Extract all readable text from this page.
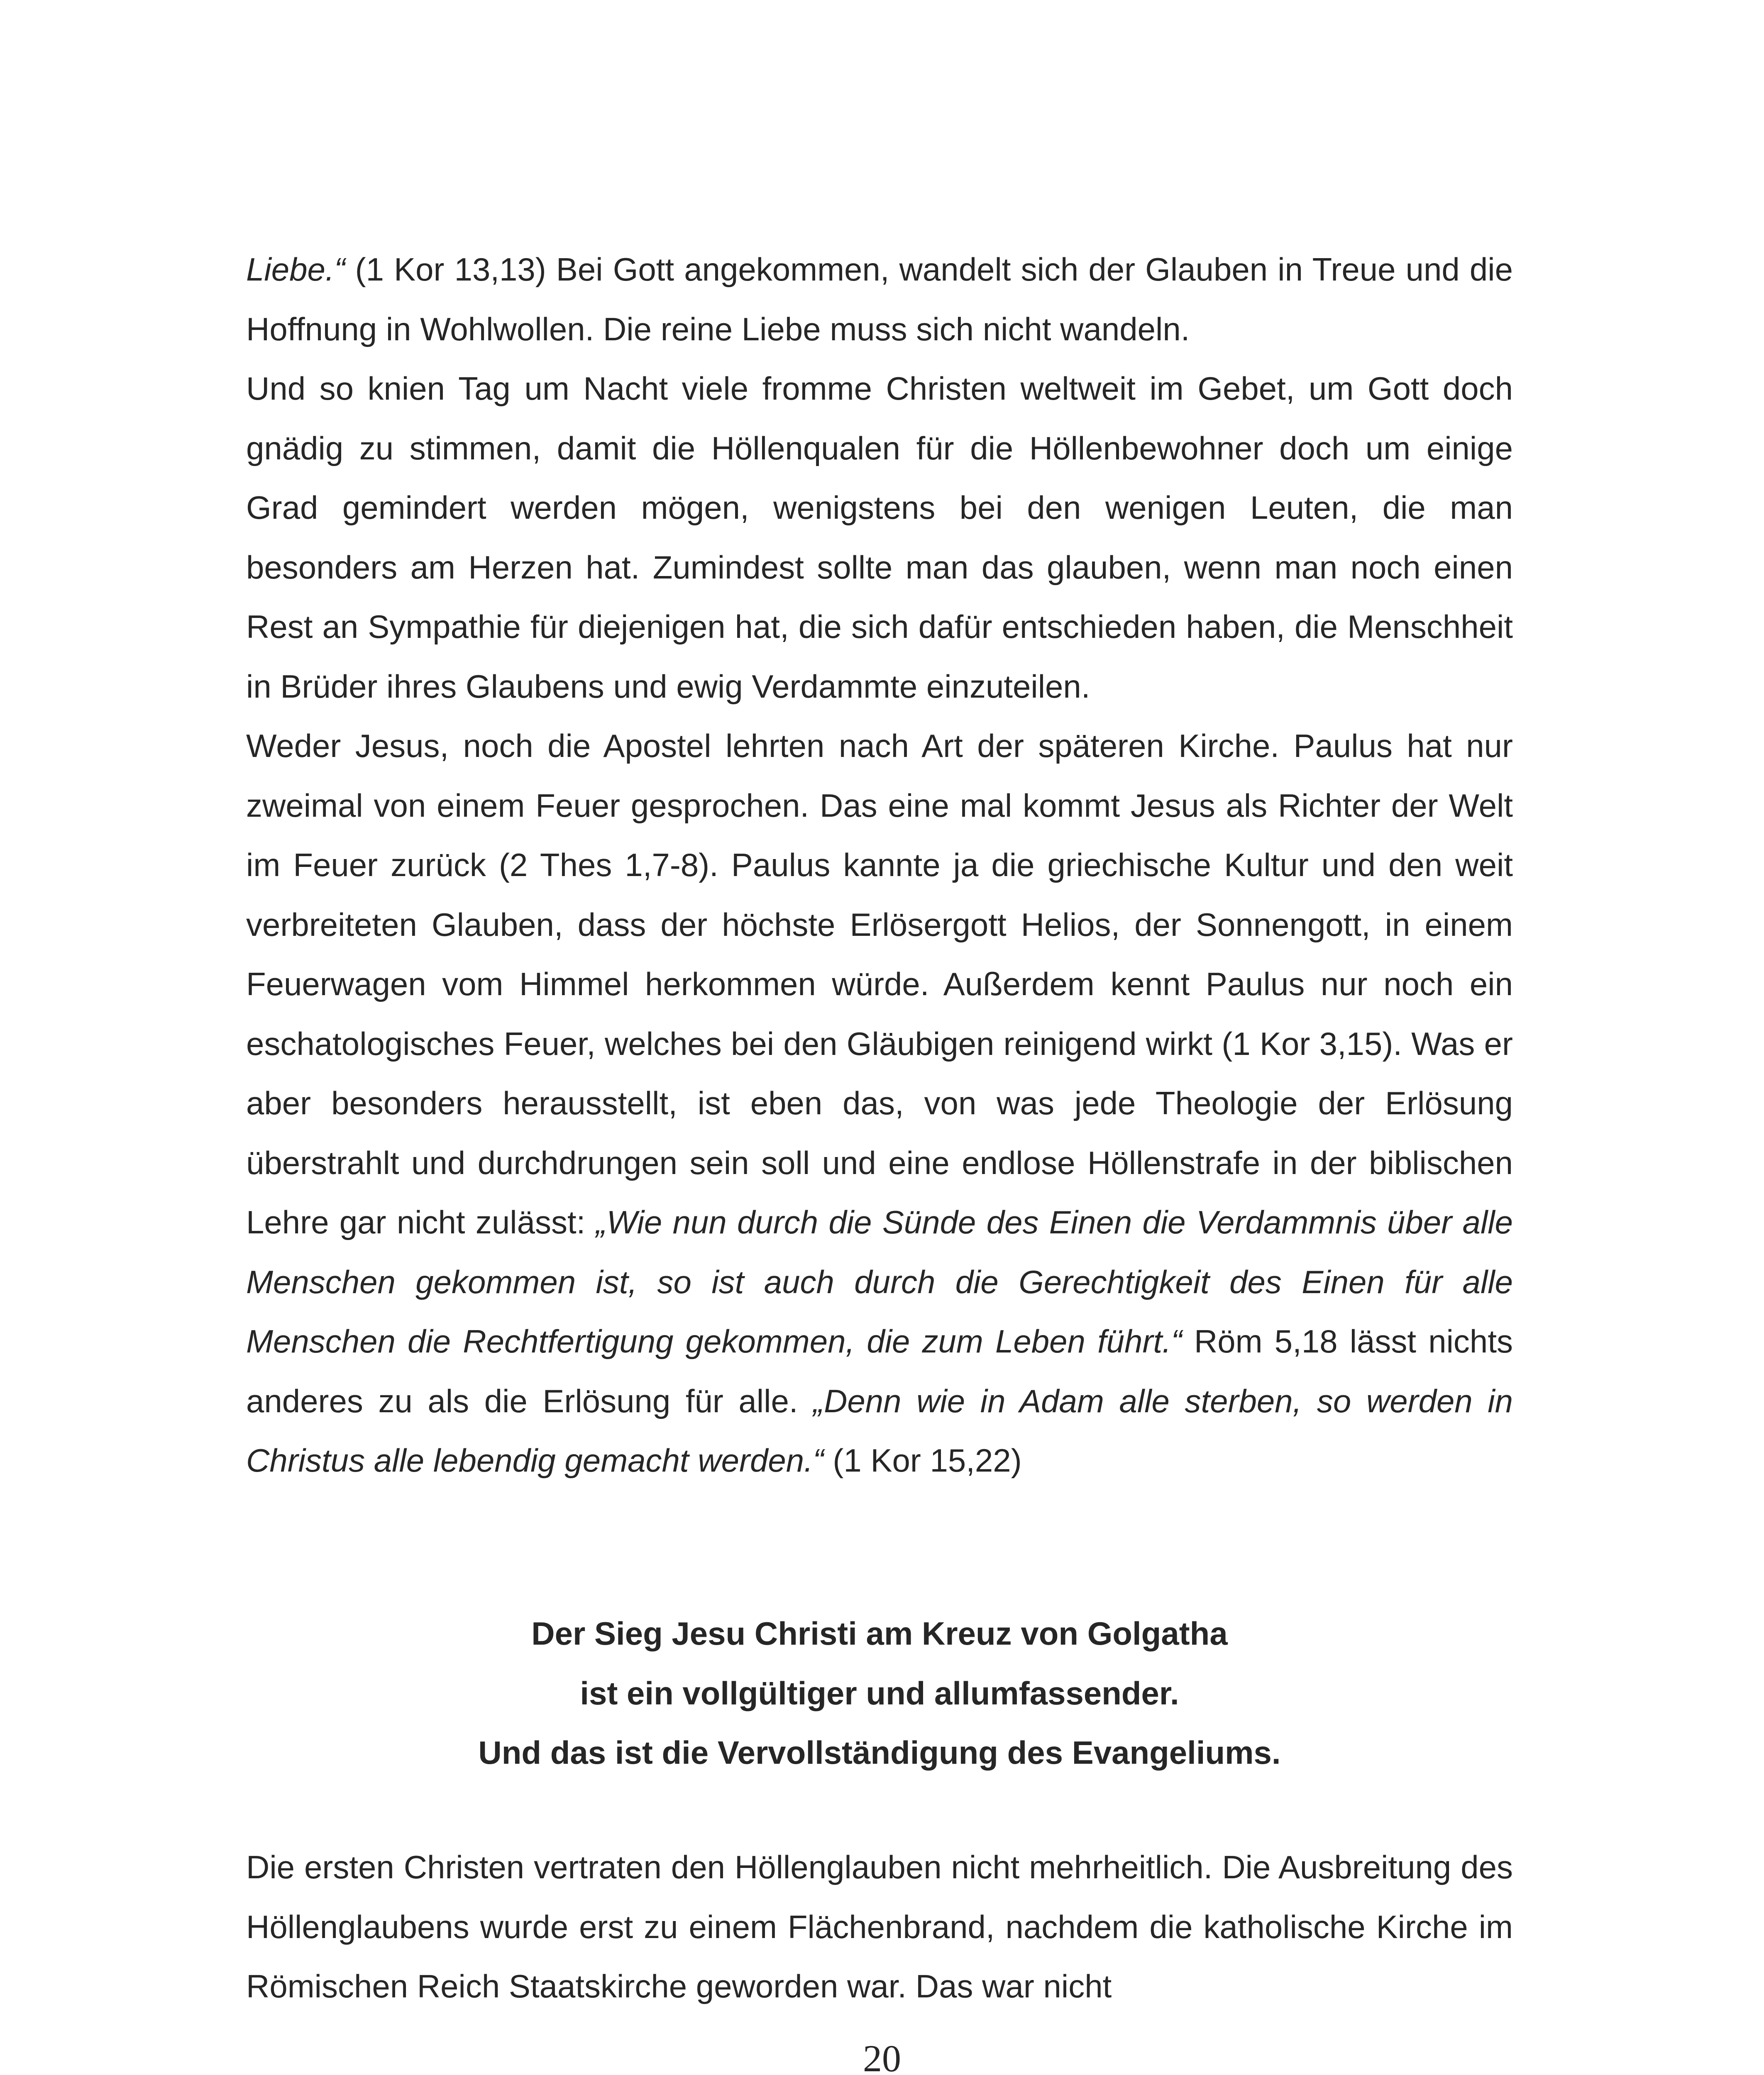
Liebe.“ (1 Kor 13,13) Bei Gott angekommen, wandelt sich der Glauben in Treue und die Hoffnung in Wohlwollen. Die reine Liebe muss sich nicht wandeln.

Und so knien Tag um Nacht viele fromme Christen weltweit im Gebet, um Gott doch gnädig zu stimmen, damit die Höllenqualen für die Höllenbewohner doch um einige Grad gemindert werden mögen, wenigstens bei den wenigen Leuten, die man besonders am Herzen hat. Zumindest sollte man das glauben, wenn man noch einen Rest an Sympathie für diejenigen hat, die sich dafür entschieden haben, die Menschheit in Brüder ihres Glaubens und ewig Verdammte einzuteilen.

Weder Jesus, noch die Apostel lehrten nach Art der späteren Kirche. Paulus hat nur zweimal von einem Feuer gesprochen. Das eine mal kommt Jesus als Richter der Welt im Feuer zurück (2 Thes 1,7-8). Paulus kannte ja die griechische Kultur und den weit verbreiteten Glauben, dass der höchste Erlösergott Helios, der Sonnengott, in einem Feuerwagen vom Himmel herkommen würde. Außerdem kennt Paulus nur noch ein eschatologisches Feuer, welches bei den Gläubigen reinigend wirkt (1 Kor 3,15). Was er aber besonders herausstellt, ist eben das, von was jede Theologie der Erlösung überstrahlt und durchdrungen sein soll und eine endlose Höllenstrafe in der biblischen Lehre gar nicht zulässt: „Wie nun durch die Sünde des Einen die Verdammnis über alle Menschen gekommen ist, so ist auch durch die Gerechtigkeit des Einen für alle Menschen die Rechtfertigung gekommen, die zum Leben führt.“ Röm 5,18 lässt nichts anderes zu als die Erlösung für alle. „Denn wie in Adam alle sterben, so werden in Christus alle lebendig gemacht werden.“ (1 Kor 15,22)

Der Sieg Jesu Christi am Kreuz von Golgatha
ist ein vollgültiger und allumfassender.
Und das ist die Vervollständigung des Evangeliums.

Die ersten Christen vertraten den Höllenglauben nicht mehrheitlich. Die Ausbreitung des Höllenglaubens wurde erst zu einem Flächenbrand, nachdem die katholische Kirche im Römischen Reich Staatskirche geworden war. Das war nicht

20
